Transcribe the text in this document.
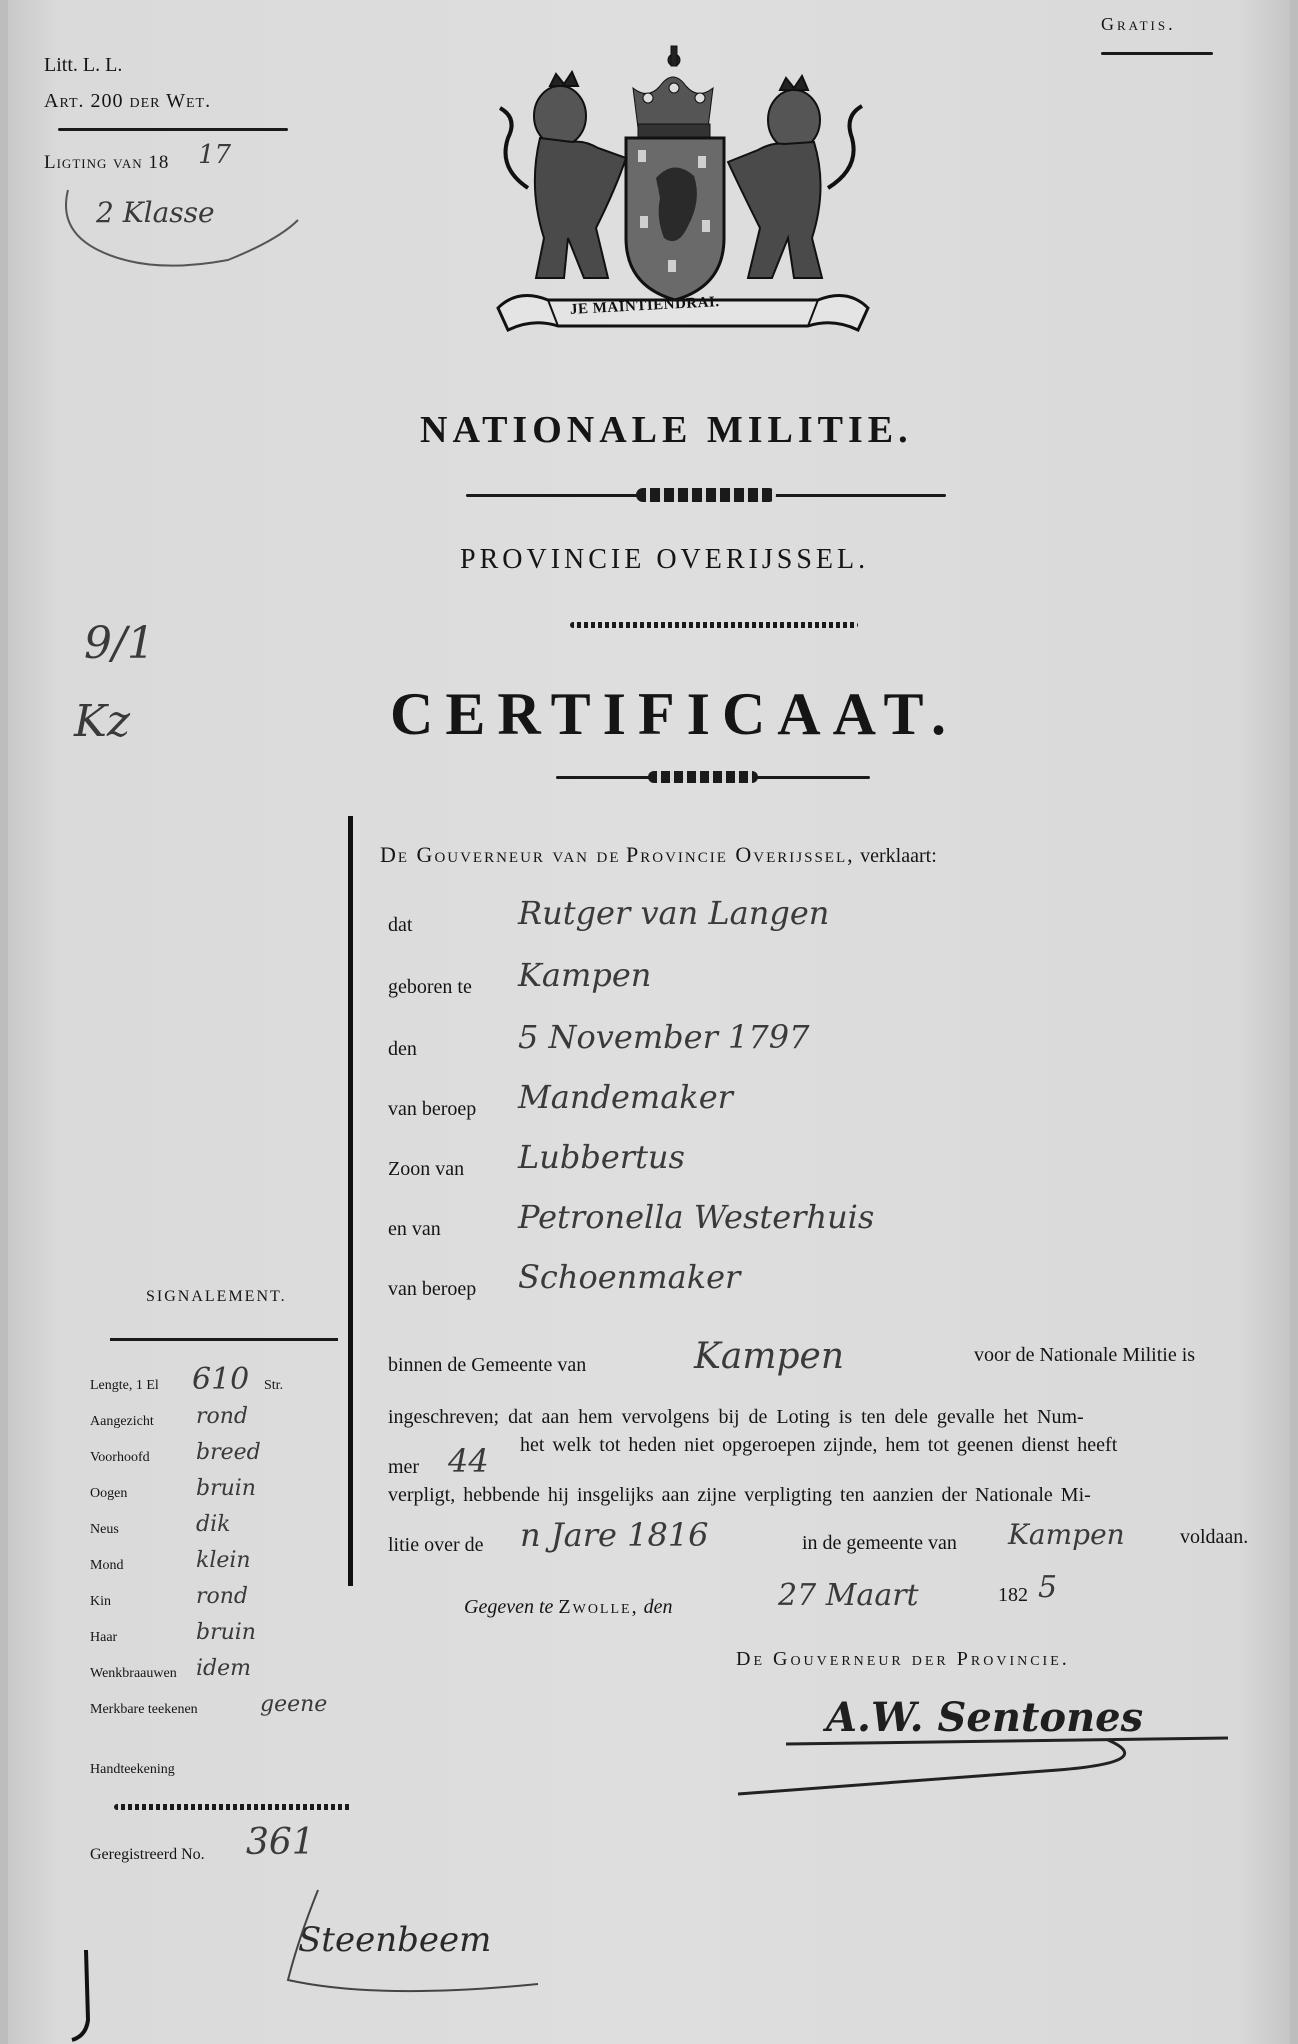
Gratis.
Litt. L. L.
Art. 200 der Wet.
Ligting van 18 17
2 Klasse
JE MAINTIENDRAI.
NATIONALE MILITIE.
PROVINCIE OVERIJSSEL.
CERTIFICAAT.
9/1
Kz
De Gouverneur van de Provincie Overijssel, verklaart:
dat	Rutger van Langen
geboren te Kampen
den	5 November 1797
van beroep Mandemaker
Zoon van Lubbertus
en van Petronella Westerhuis
van beroep Schoenmaker
binnen de Gemeente van	Kampen	voor de Nationale Militie is
ingeschreven; dat aan hem vervolgens bij de Loting is ten dele gevalle het Num-
mer 44 het welk tot heden niet opgeroepen zijnde, hem tot geenen dienst heeft
verpligt, hebbende hij insgelijks aan zijne verpligting ten aanzien der Nationale Mi-
litie over de n Jare 1816	in de gemeente van Kampen	voldaan.
Gegeven te Zwolle, den	27 Maart	182 5
De Gouverneur der Provincie.
A.W. Sentones
SIGNALEMENT.
Lengte, 1 El 610 Str.
Aangezicht rond
Voorhoofd breed
Oogen	bruin
Neus	dik
Mond	klein
Kin	rond
Haar	bruin
Wenkbraauwen idem
Merkbare teekenen	geene
Handteekening
Geregistreerd No. 361
Steenbeem
